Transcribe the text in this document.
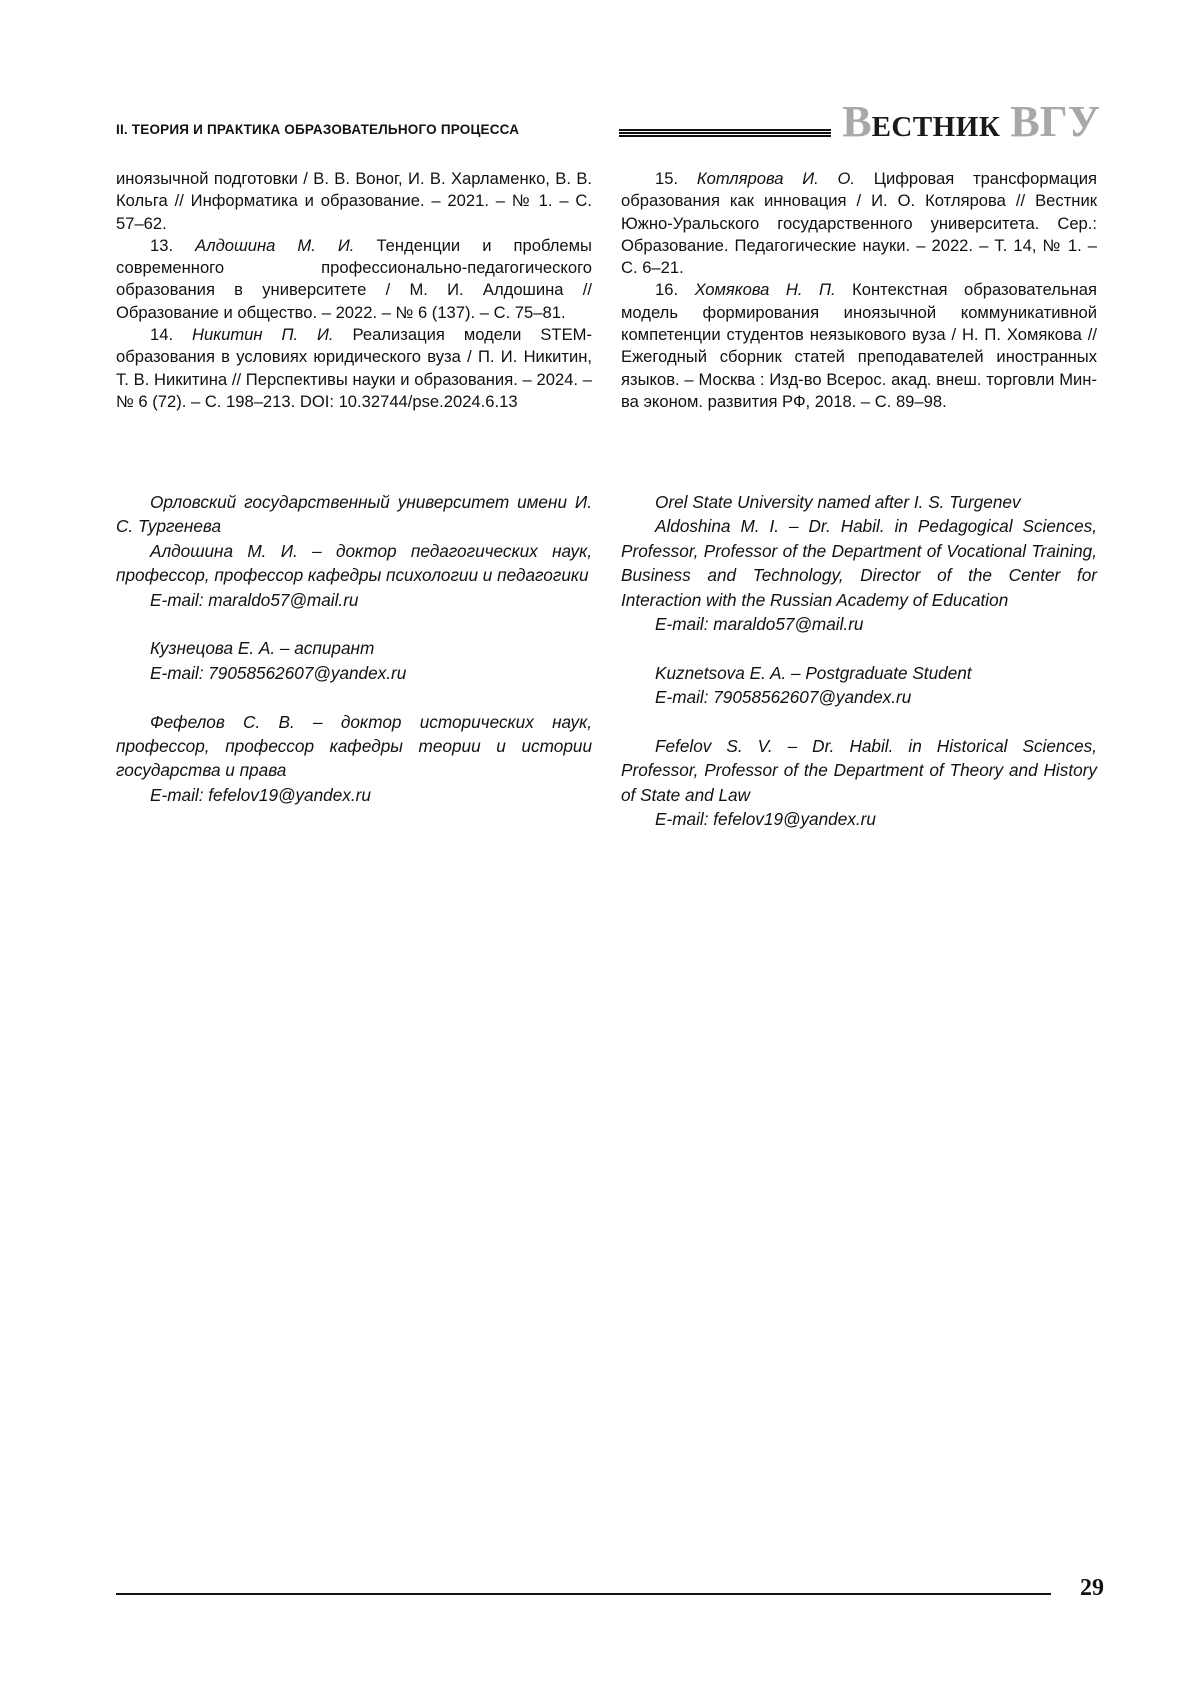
II. ТЕОРИЯ И ПРАКТИКА ОБРАЗОВАТЕЛЬНОГО ПРОЦЕССА	ВЕСТНИК ВГУ

иноязычной подготовки / В. В. Воног, И. В. Харламенко, В. В. Кольга // Информатика и образование. – 2021. – № 1. – С. 57–62.

13. Алдошина М. И. Тенденции и проблемы современного профессионально-педагогического образования в университете / М. И. Алдошина // Образование и общество. – 2022. – № 6 (137). – С. 75–81.

14. Никитин П. И. Реализация модели STEM-образования в условиях юридического вуза / П. И. Никитин, Т. В. Никитина // Перспективы науки и образования. – 2024. – № 6 (72). – С. 198–213. DOI: 10.32744/pse.2024.6.13

15. Котлярова И. О. Цифровая трансформация образования как инновация / И. О. Котлярова // Вестник Южно-Уральского государственного университета. Сер.: Образование. Педагогические науки. – 2022. – Т. 14, № 1. – С. 6–21.

16. Хомякова Н. П. Контекстная образовательная модель формирования иноязычной коммуникативной компетенции студентов неязыкового вуза / Н. П. Хомякова // Ежегодный сборник статей преподавателей иностранных языков. – Москва : Изд-во Всерос. акад. внеш. торговли Мин-ва эконом. развития РФ, 2018. – С. 89–98.

Орловский государственный университет имени И. С. Тургенева

Алдошина М. И. – доктор педагогических наук, профессор, профессор кафедры психологии и педагогики

E-mail: maraldo57@mail.ru

Кузнецова Е. А. – аспирант

E-mail: 79058562607@yandex.ru

Фефелов С. В. – доктор исторических наук, профессор, профессор кафедры теории и истории государства и права

E-mail: fefelov19@yandex.ru

Orel State University named after I. S. Turgenev

Aldoshina M. I. – Dr. Habil. in Pedagogical Sciences, Professor, Professor of the Department of Vocational Training, Business and Technology, Director of the Center for Interaction with the Russian Academy of Education

E-mail: maraldo57@mail.ru

Kuznetsova E. A. – Postgraduate Student

E-mail: 79058562607@yandex.ru

Fefelov S. V. – Dr. Habil. in Historical Sciences, Professor, Professor of the Department of Theory and History of State and Law

E-mail: fefelov19@yandex.ru

29
